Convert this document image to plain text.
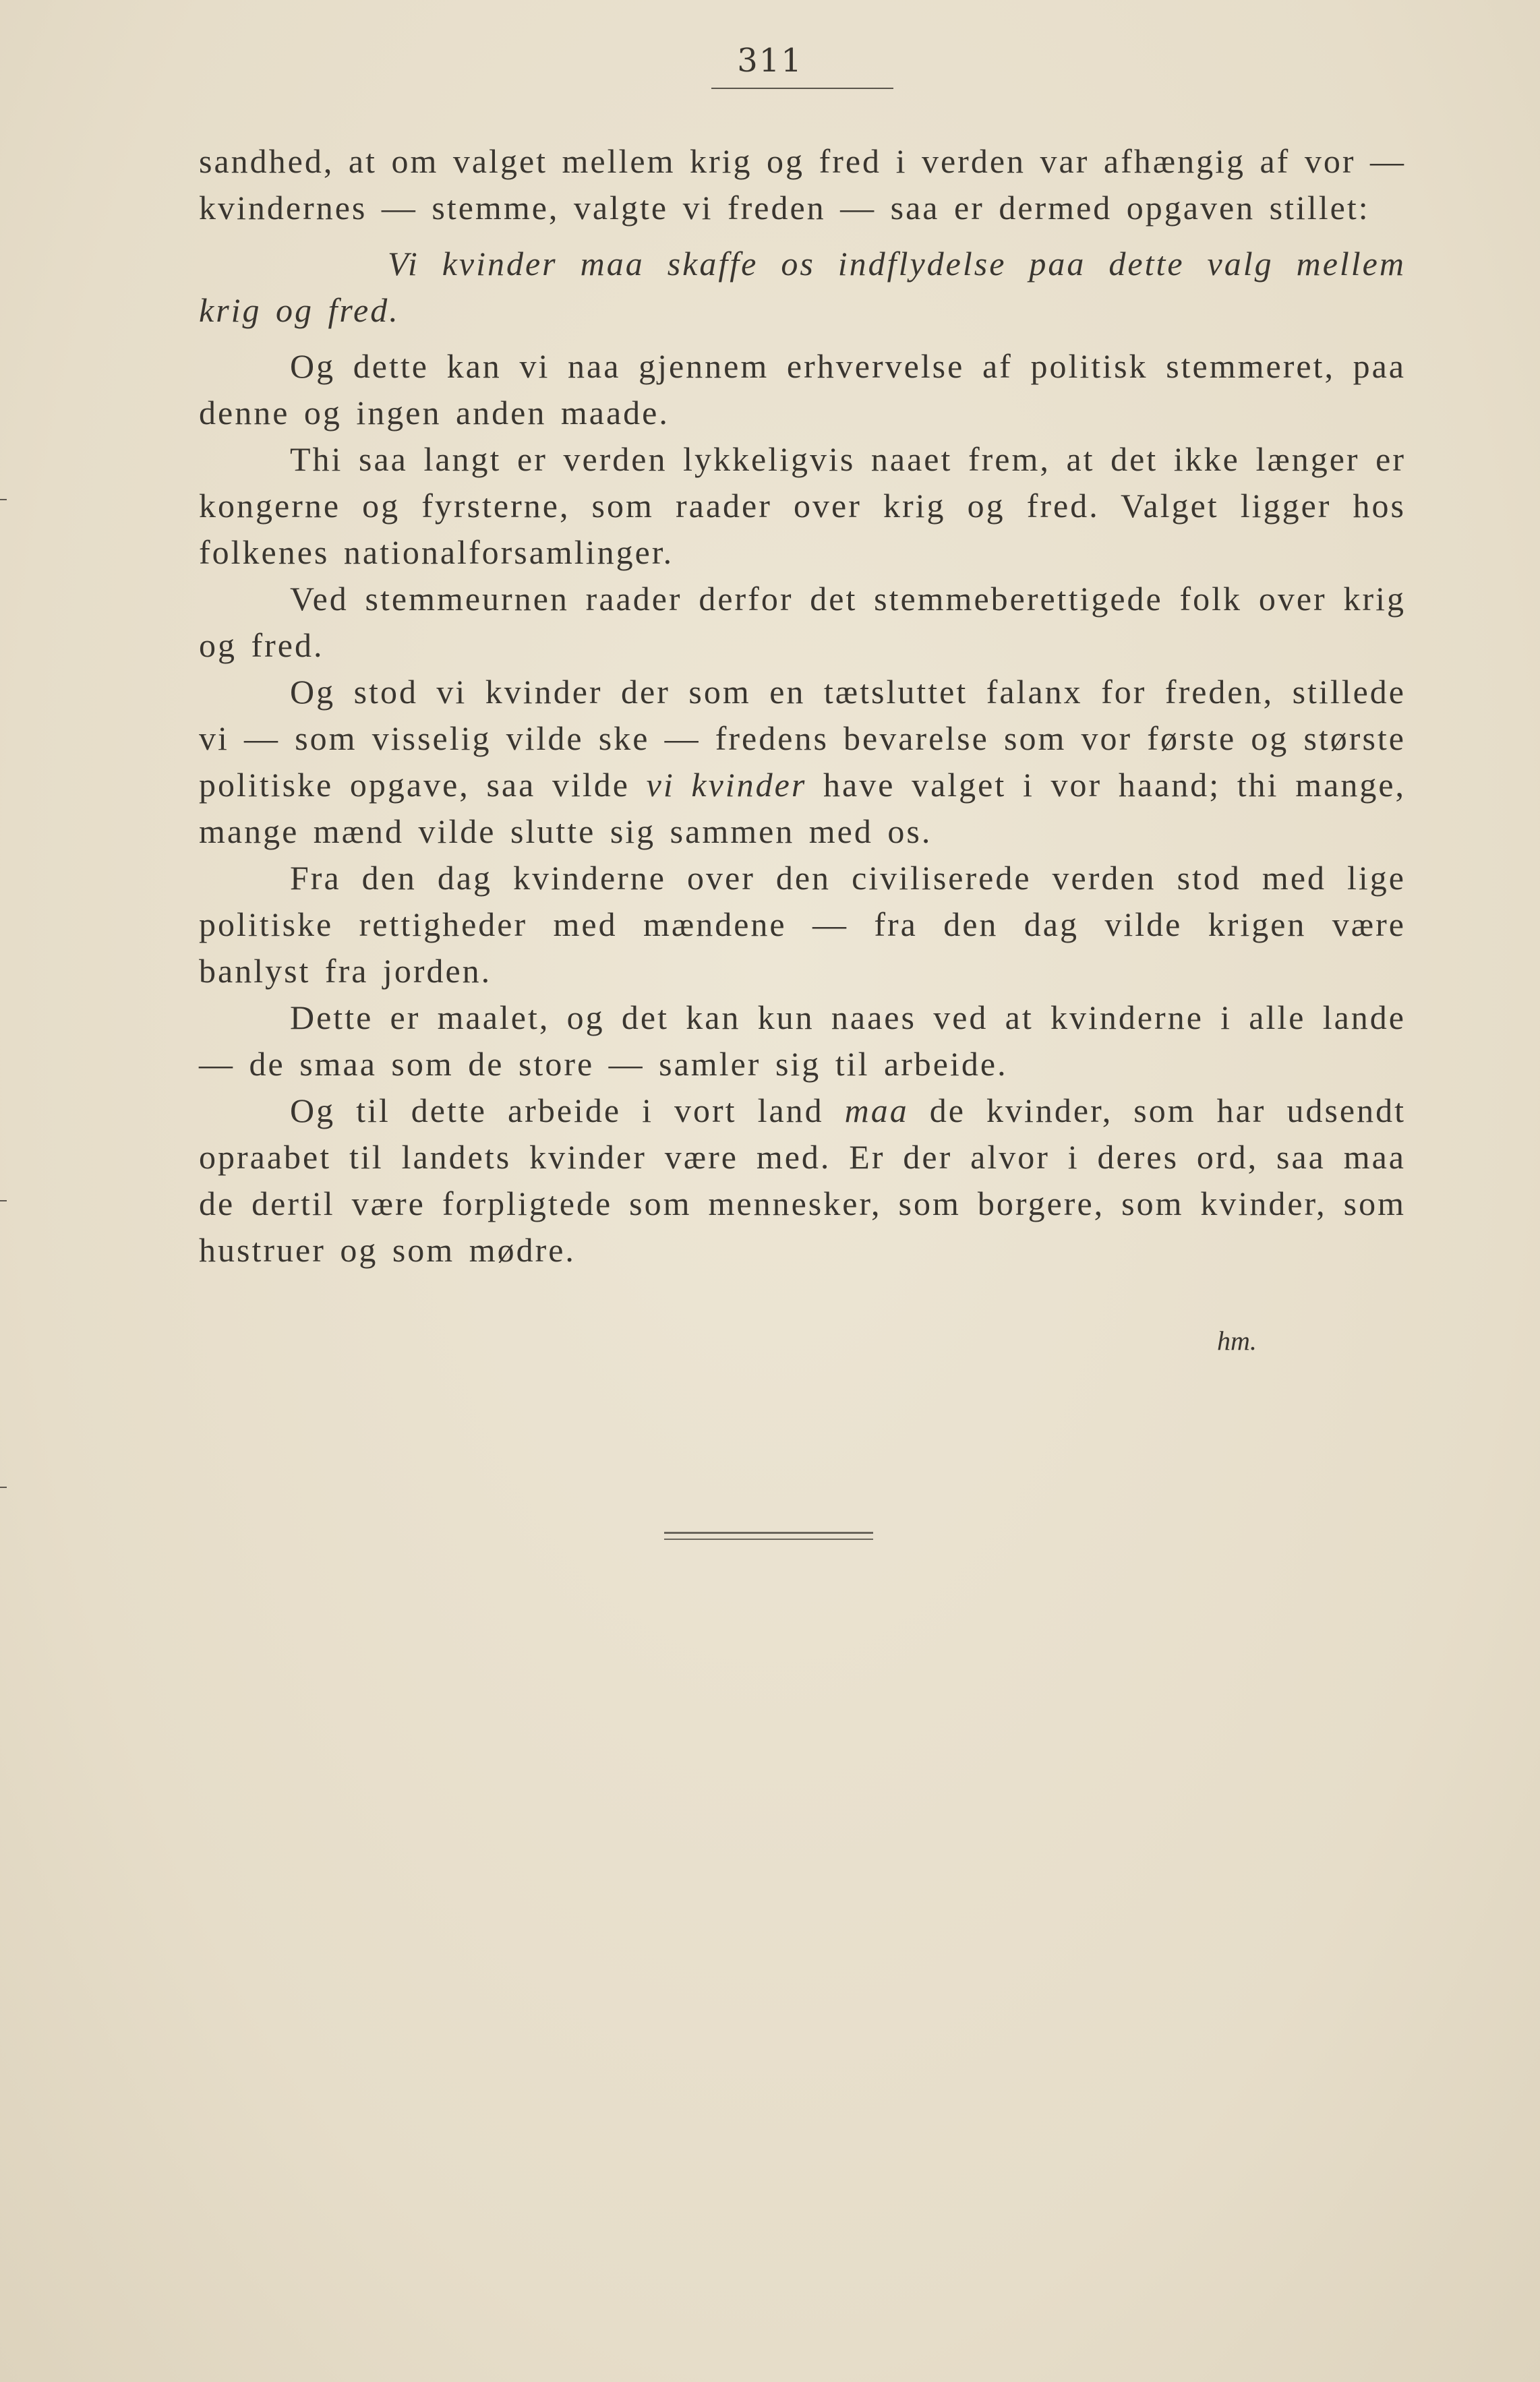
311

sandhed, at om valget mellem krig og fred i verden var afhængig af vor — kvindernes — stemme, valgte vi freden — saa er dermed opgaven stillet:

Vi kvinder maa skaffe os indflydelse paa dette valg mellem krig og fred.

Og dette kan vi naa gjennem erhvervelse af politisk stemmeret, paa denne og ingen anden maade.

Thi saa langt er verden lykkeligvis naaet frem, at det ikke længer er kongerne og fyrsterne, som raader over krig og fred. Valget ligger hos folkenes nationalforsamlinger.

Ved stemmeurnen raader derfor det stemmeberettigede folk over krig og fred.

Og stod vi kvinder der som en tætsluttet falanx for freden, stillede vi — som visselig vilde ske — fredens bevarelse som vor første og største politiske opgave, saa vilde vi kvinder have valget i vor haand; thi mange, mange mænd vilde slutte sig sammen med os.

Fra den dag kvinderne over den civiliserede verden stod med lige politiske rettigheder med mændene — fra den dag vilde krigen være banlyst fra jorden.

Dette er maalet, og det kan kun naaes ved at kvinderne i alle lande — de smaa som de store — samler sig til arbeide.

Og til dette arbeide i vort land maa de kvinder, som har udsendt opraabet til landets kvinder være med. Er der alvor i deres ord, saa maa de dertil være forpligtede som mennesker, som borgere, som kvinder, som hustruer og som mødre.

hm.
